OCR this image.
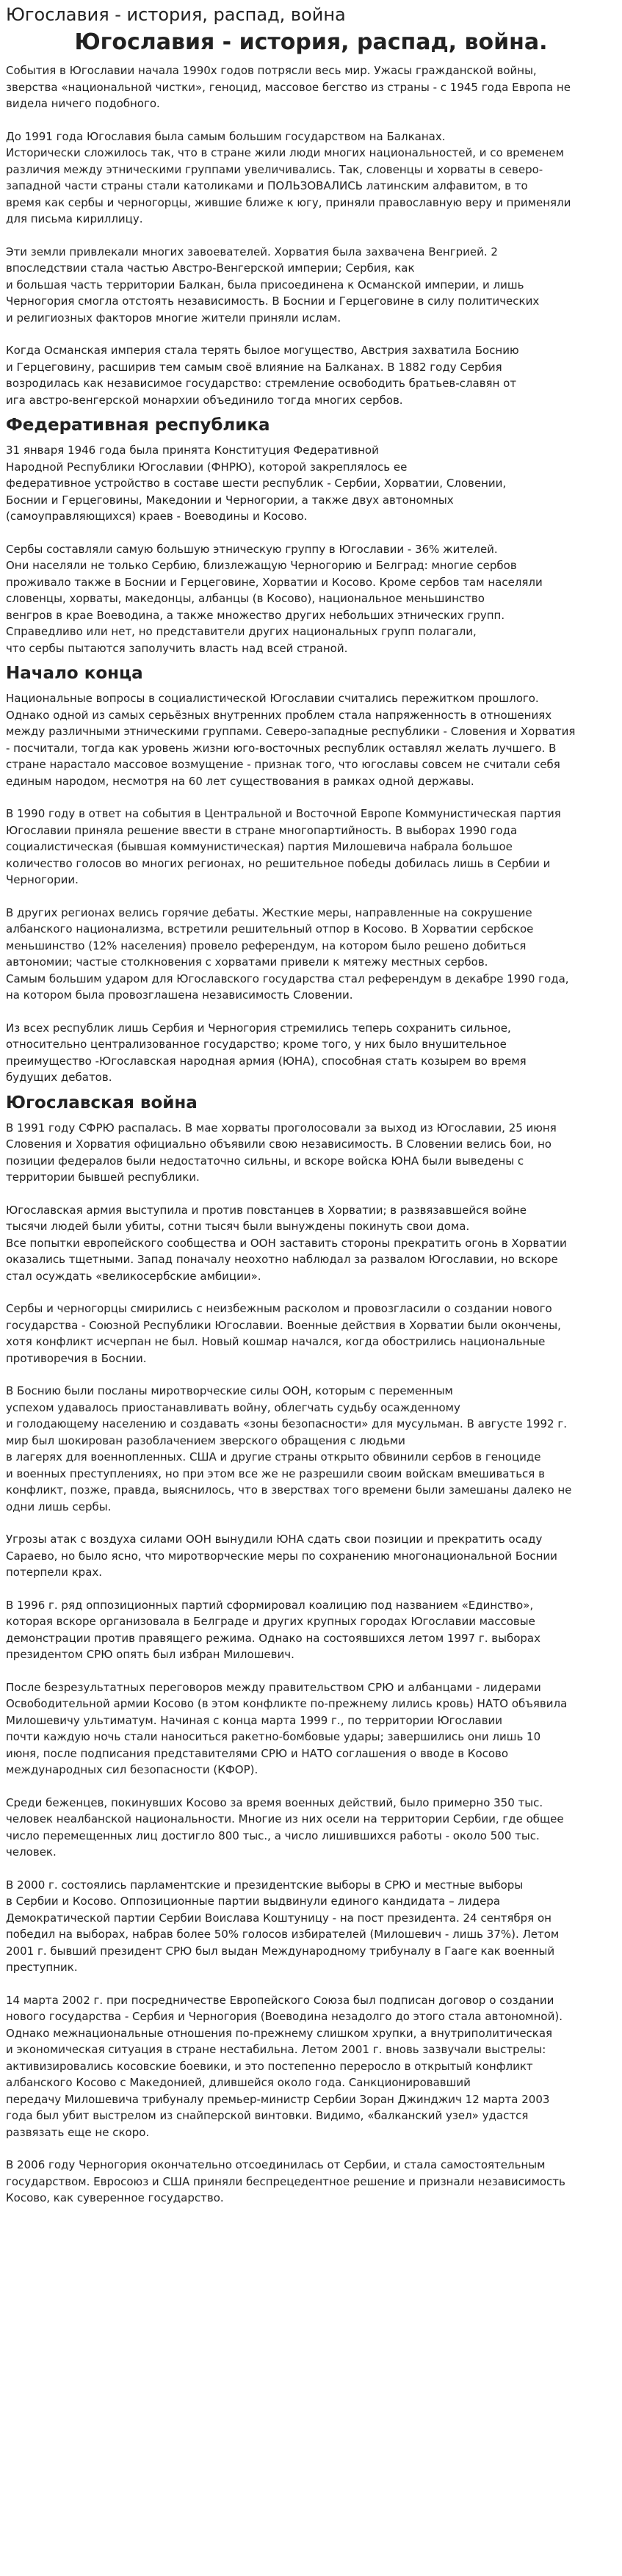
Югославия - история, распад, война
Югославия - история, распад, война.

События в Югославии начала 1990х годов потрясли весь мир. Ужасы гражданской войны,
зверства «национальной чистки», геноцид, массовое бегство из страны - с 1945 года Европа не
видела ничего подобного.

До 1991 года Югославия была самым большим государством на Балканах.
Исторически сложилось так, что в стране жили люди многих национальностей, и со временем
различия между этническими группами увеличивались. Так, словенцы и хорваты в северо-
западной части страны стали католиками и ПОЛЬЗОВАЛИСЬ латинским алфавитом, в то
время как сербы и черногорцы, жившие ближе к югу, приняли православную веру и применяли
для письма кириллицу.

Эти земли привлекали многих завоевателей. Хорватия была захвачена Венгрией. 2
впоследствии стала частью Австро-Венгерской империи; Сербия, как
и большая часть территории Балкан, была присоединена к Османской империи, и лишь
Черногория смогла отстоять независимость. В Боснии и Герцеговине в силу политических
и религиозных факторов многие жители приняли ислам.

Когда Османская империя стала терять былое могущество, Австрия захватила Боснию
и Герцеговину, расширив тем самым своё влияние на Балканах. В 1882 году Сербия
возродилась как независимое государство: стремление освободить братьев-славян от
ига австро-венгерской монархии объединило тогда многих сербов.

Федеративная республика

31 января 1946 года была принята Конституция Федеративной
Народной Республики Югославии (ФНРЮ), которой закреплялось ее
федеративное устройство в составе шести республик - Сербии, Хорватии, Словении,
Боснии и Герцеговины, Македонии и Черногории, а также двух автономных
(самоуправляющихся) краев - Воеводины и Косово.

Сербы составляли самую большую этническую группу в Югославии - 36% жителей.
Они населяли не только Сербию, близлежащую Черногорию и Белград: многие сербов
проживало также в Боснии и Герцеговине, Хорватии и Косово. Кроме сербов там населяли
словенцы, хорваты, македонцы, албанцы (в Косово), национальное меньшинство
венгров в крае Воеводина, а также множество других небольших этнических групп.
Справедливо или нет, но представители других национальных групп полагали,
что сербы пытаются заполучить власть над всей страной.

Начало конца

Национальные вопросы в социалистической Югославии считались пережитком прошлого.
Однако одной из самых серьёзных внутренних проблем стала напряженность в отношениях
между различными этническими группами. Северо-западные республики - Словения и Хорватия
- посчитали, тогда как уровень жизни юго-восточных республик оставлял желать лучшего. В
стране нарастало массовое возмущение - признак того, что югославы совсем не считали себя
единым народом, несмотря на 60 лет существования в рамках одной державы.

В 1990 году в ответ на события в Центральной и Восточной Европе Коммунистическая партия
Югославии приняла решение ввести в стране многопартийность. В выборах 1990 года
социалистическая (бывшая коммунистическая) партия Милошевича набрала большое
количество голосов во многих регионах, но решительное победы добилась лишь в Сербии и
Черногории.

В других регионах велись горячие дебаты. Жесткие меры, направленные на сокрушение
албанского национализма, встретили решительный отпор в Косово. В Хорватии сербское
меньшинство (12% населения) провело референдум, на котором было решено добиться
автономии; частые столкновения с хорватами привели к мятежу местных сербов.
Самым большим ударом для Югославского государства стал референдум в декабре 1990 года,
на котором была провозглашена независимость Словении.

Из всех республик лишь Сербия и Черногория стремились теперь сохранить сильное,
относительно централизованное государство; кроме того, у них было внушительное
преимущество -Югославская народная армия (ЮНА), способная стать козырем во время
будущих дебатов.

Югославская война

В 1991 году СФРЮ распалась. В мае хорваты проголосовали за выход из Югославии, 25 июня
Словения и Хорватия официально объявили свою независимость. В Словении велись бои, но
позиции федералов были недостаточно сильны, и вскоре войска ЮНА были выведены с
территории бывшей республики.

Югославская армия выступила и против повстанцев в Хорватии; в развязавшейся войне
тысячи людей были убиты, сотни тысяч были вынуждены покинуть свои дома.
Все попытки европейского сообщества и ООН заставить стороны прекратить огонь в Хорватии
оказались тщетными. Запад поначалу неохотно наблюдал за развалом Югославии, но вскоре
стал осуждать «великосербские амбиции».

Сербы и черногорцы смирились с неизбежным расколом и провозгласили о создании нового
государства - Союзной Республики Югославии. Военные действия в Хорватии были окончены,
хотя конфликт исчерпан не был. Новый кошмар начался, когда обострились национальные
противоречия в Боснии.

В Боснию были посланы миротворческие силы ООН, которым с переменным
успехом удавалось приостанавливать войну, облегчать судьбу осажденному
и голодающему населению и создавать «зоны безопасности» для мусульман. В августе 1992 г.
мир был шокирован разоблачением зверского обращения с людьми
в лагерях для военнопленных. США и другие страны открыто обвинили сербов в геноциде
и военных преступлениях, но при этом все же не разрешили своим войскам вмешиваться в
конфликт, позже, правда, выяснилось, что в зверствах того времени были замешаны далеко не
одни лишь сербы.

Угрозы атак с воздуха силами ООН вынудили ЮНА сдать свои позиции и прекратить осаду
Сараево, но было ясно, что миротворческие меры по сохранению многонациональной Боснии
потерпели крах.

В 1996 г. ряд оппозиционных партий сформировал коалицию под названием «Единство»,
которая вскоре организовала в Белграде и других крупных городах Югославии массовые
демонстрации против правящего режима. Однако на состоявшихся летом 1997 г. выборах
президентом СРЮ опять был избран Милошевич.

После безрезультатных переговоров между правительством СРЮ и албанцами - лидерами
Освободительной армии Косово (в этом конфликте по-прежнему лились кровь) НАТО объявила
Милошевичу ультиматум. Начиная с конца марта 1999 г., по территории Югославии
почти каждую ночь стали наноситься ракетно-бомбовые удары; завершились они лишь 10
июня, после подписания представителями СРЮ и НАТО соглашения о вводе в Косово
международных сил безопасности (КФОР).

Среди беженцев, покинувших Косово за время военных действий, было примерно 350 тыс.
человек неалбанской национальности. Многие из них осели на территории Сербии, где общее
число перемещенных лиц достигло 800 тыс., а число лишившихся работы - около 500 тыс.
человек.

В 2000 г. состоялись парламентские и президентские выборы в СРЮ и местные выборы
в Сербии и Косово. Оппозиционные партии выдвинули единого кандидата – лидера
Демократической партии Сербии Воислава Коштуницу - на пост президента. 24 сентября он
победил на выборах, набрав более 50% голосов избирателей (Милошевич - лишь 37%). Летом
2001 г. бывший президент СРЮ был выдан Международному трибуналу в Гааге как военный
преступник.

14 марта 2002 г. при посредничестве Европейского Союза был подписан договор о создании
нового государства - Сербия и Черногория (Воеводина незадолго до этого стала автономной).
Однако межнациональные отношения по-прежнему слишком хрупки, а внутриполитическая
и экономическая ситуация в стране нестабильна. Летом 2001 г. вновь зазвучали выстрелы:
активизировались косовские боевики, и это постепенно переросло в открытый конфликт
албанского Косово с Македонией, длившейся около года. Санкционировавший
передачу Милошевича трибуналу премьер-министр Сербии Зоран Джинджич 12 марта 2003
года был убит выстрелом из снайперской винтовки. Видимо, «балканский узел» удастся
развязать еще не скоро.

В 2006 году Черногория окончательно отсоединилась от Сербии, и стала самостоятельным
государством. Евросоюз и США приняли беспрецедентное решение и признали независимость
Косово, как суверенное государство.
